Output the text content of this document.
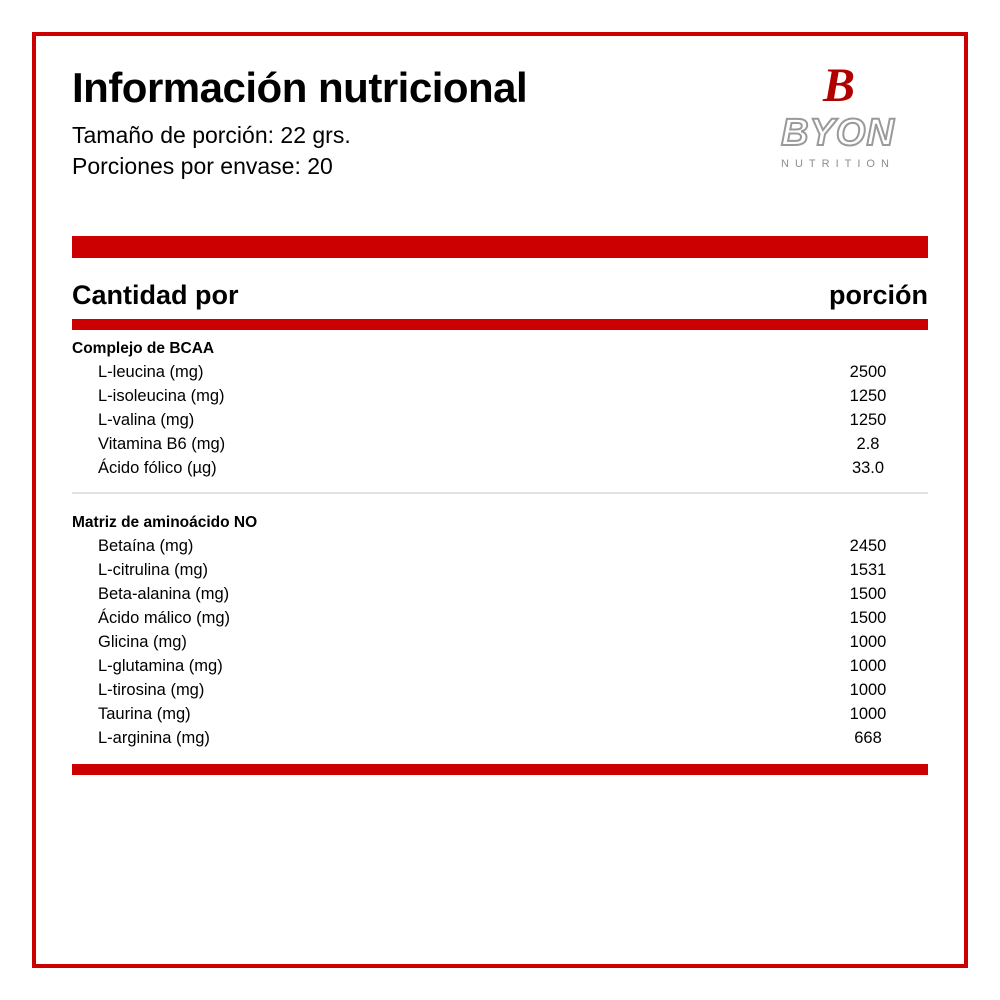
B
BYON
NUTRITION
Información nutricional

Tamaño de porción: 22 grs.

Porciones por envase: 20

Cantidad por	porción
Complejo de BCAA
L-leucina (mg)	2500
L-isoleucina (mg)	1250
L-valina (mg)	1250
Vitamina B6 (mg)	2.8
Ácido fólico (µg)	33.0
Matriz de aminoácido NO
Betaína (mg)	2450
L-citrulina (mg)	1531
Beta-alanina (mg)	1500
Ácido málico (mg)	1500
Glicina (mg)	1000
L-glutamina (mg)	1000
L-tirosina (mg)	1000
Taurina (mg)	1000
L-arginina (mg)	668
